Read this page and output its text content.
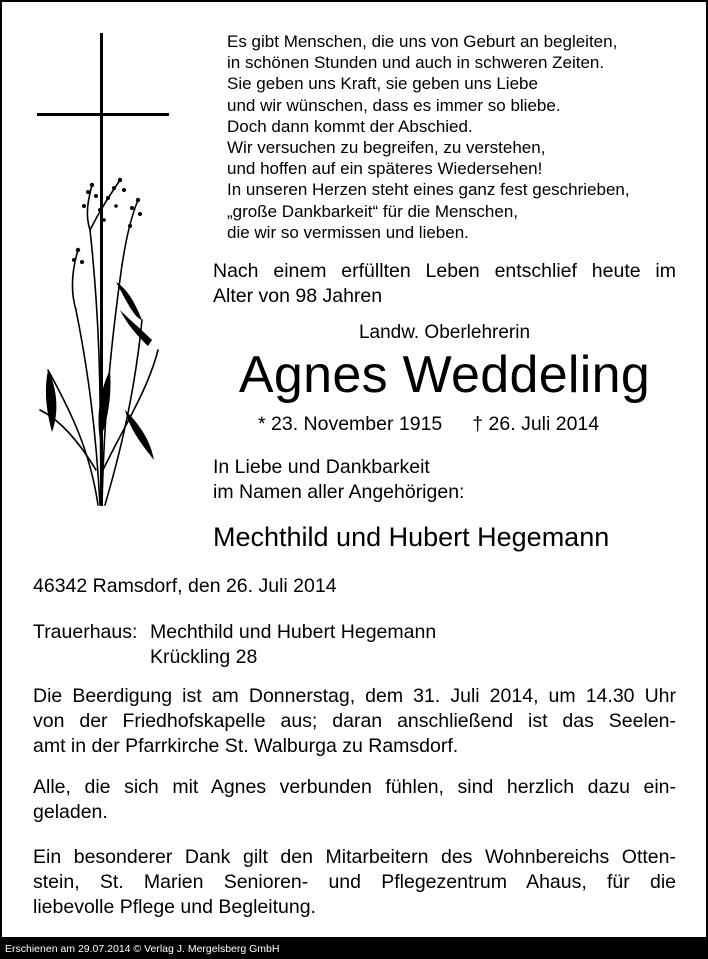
Es gibt Menschen, die uns von Geburt an begleiten,
in schönen Stunden und auch in schweren Zeiten.
Sie geben uns Kraft, sie geben uns Liebe
und wir wünschen, dass es immer so bliebe.
Doch dann kommt der Abschied.
Wir versuchen zu begreifen, zu verstehen,
und hoffen auf ein späteres Wiedersehen!
In unseren Herzen steht eines ganz fest geschrieben,
„große Dankbarkeit“ für die Menschen,
die wir so vermissen und lieben.
Nach einem erfüllten Leben entschlief heute im
Alter von 98 Jahren
Landw. Oberlehrerin
Agnes Weddeling
* 23. November 1915 † 26. Juli 2014
In Liebe und Dankbarkeit
im Namen aller Angehörigen:
Mechthild und Hubert Hegemann
46342 Ramsdorf, den 26. Juli 2014
Trauerhaus: Mechthild und Hubert Hegemann
Krückling 28
Die Beerdigung ist am Donnerstag, dem 31. Juli 2014, um 14.30 Uhr
von der Friedhofskapelle aus; daran anschließend ist das Seelen-
amt in der Pfarrkirche St. Walburga zu Ramsdorf.
Alle, die sich mit Agnes verbunden fühlen, sind herzlich dazu ein-
geladen.
Ein besonderer Dank gilt den Mitarbeitern des Wohnbereichs Otten-
stein, St. Marien Senioren- und Pflegezentrum Ahaus, für die
liebevolle Pflege und Begleitung.
Erschienen am 29.07.2014 © Verlag J. Mergelsberg GmbH
